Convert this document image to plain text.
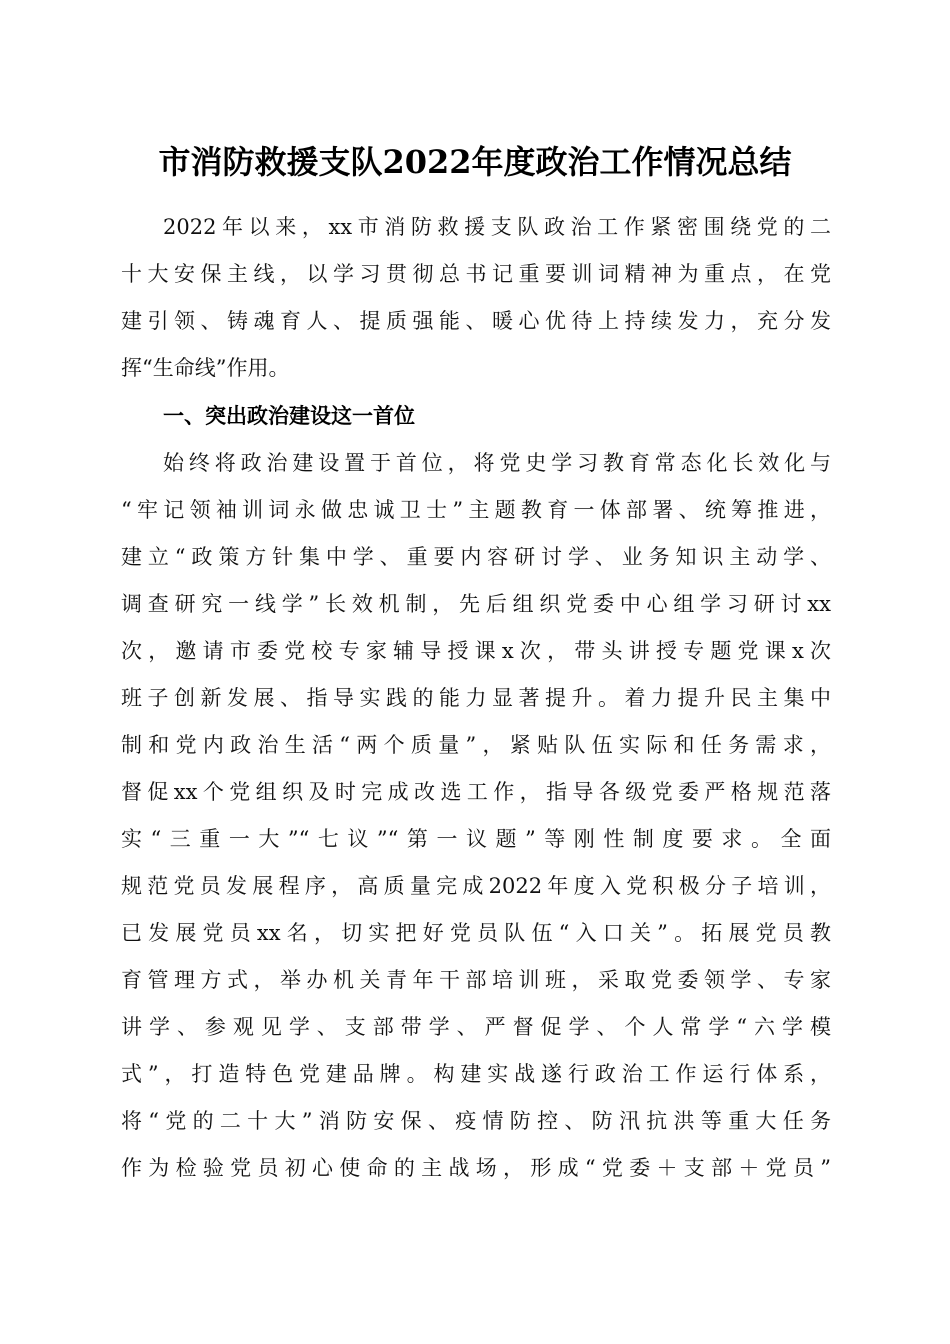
市消防救援支队2022年度政治工作情况总结
2022年以来，xx市消防救援支队政治工作紧密围绕党的二
十大安保主线，以学习贯彻总书记重要训词精神为重点，在党
建引领、铸魂育人、提质强能、暖心优待上持续发力，充分发
挥“生命线”作用。
一、突出政治建设这一首位
始终将政治建设置于首位，将党史学习教育常态化长效化与
“牢记领袖训词永做忠诚卫士”主题教育一体部署、统筹推进，
建立“政策方针集中学、重要内容研讨学、业务知识主动学、
调查研究一线学”长效机制，先后组织党委中心组学习研讨xx
次，邀请市委党校专家辅导授课x次，带头讲授专题党课x次
班子创新发展、指导实践的能力显著提升。着力提升民主集中
制和党内政治生活“两个质量”，紧贴队伍实际和任务需求，
督促xx个党组织及时完成改选工作，指导各级党委严格规范落
实“三重一大”“七议”“第一议题”等刚性制度要求。全面
规范党员发展程序，高质量完成2022年度入党积极分子培训，
已发展党员xx名，切实把好党员队伍“入口关”。拓展党员教
育管理方式，举办机关青年干部培训班，采取党委领学、专家
讲学、参观见学、支部带学、严督促学、个人常学“六学模
式”，打造特色党建品牌。构建实战遂行政治工作运行体系，
将“党的二十大”消防安保、疫情防控、防汛抗洪等重大任务
作为检验党员初心使命的主战场，形成“党委＋支部＋党员”
